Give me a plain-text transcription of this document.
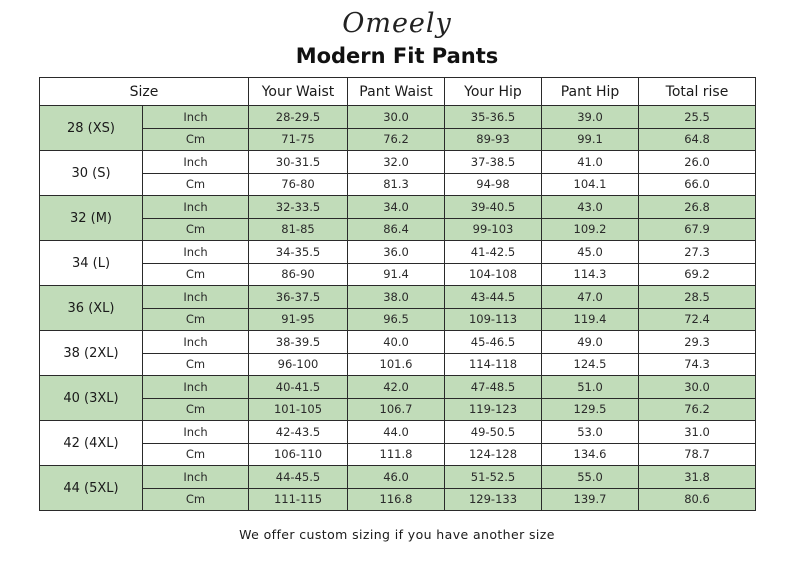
Omeely
Modern Fit Pants
Size		Your Waist	Pant Waist	Your Hip	Pant Hip	Total rise
28 (XS)	Inch	28-29.5	30.0	35-36.5	39.0	25.5
	Cm	71-75	76.2	89-93	99.1	64.8
30 (S)	Inch	30-31.5	32.0	37-38.5	41.0	26.0
	Cm	76-80	81.3	94-98	104.1	66.0
32 (M)	Inch	32-33.5	34.0	39-40.5	43.0	26.8
	Cm	81-85	86.4	99-103	109.2	67.9
34 (L)	Inch	34-35.5	36.0	41-42.5	45.0	27.3
	Cm	86-90	91.4	104-108	114.3	69.2
36 (XL)	Inch	36-37.5	38.0	43-44.5	47.0	28.5
	Cm	91-95	96.5	109-113	119.4	72.4
38 (2XL)	Inch	38-39.5	40.0	45-46.5	49.0	29.3
	Cm	96-100	101.6	114-118	124.5	74.3
40 (3XL)	Inch	40-41.5	42.0	47-48.5	51.0	30.0
	Cm	101-105	106.7	119-123	129.5	76.2
42 (4XL)	Inch	42-43.5	44.0	49-50.5	53.0	31.0
	Cm	106-110	111.8	124-128	134.6	78.7
44 (5XL)	Inch	44-45.5	46.0	51-52.5	55.0	31.8
	Cm	111-115	116.8	129-133	139.7	80.6
We offer custom sizing if you have another size
